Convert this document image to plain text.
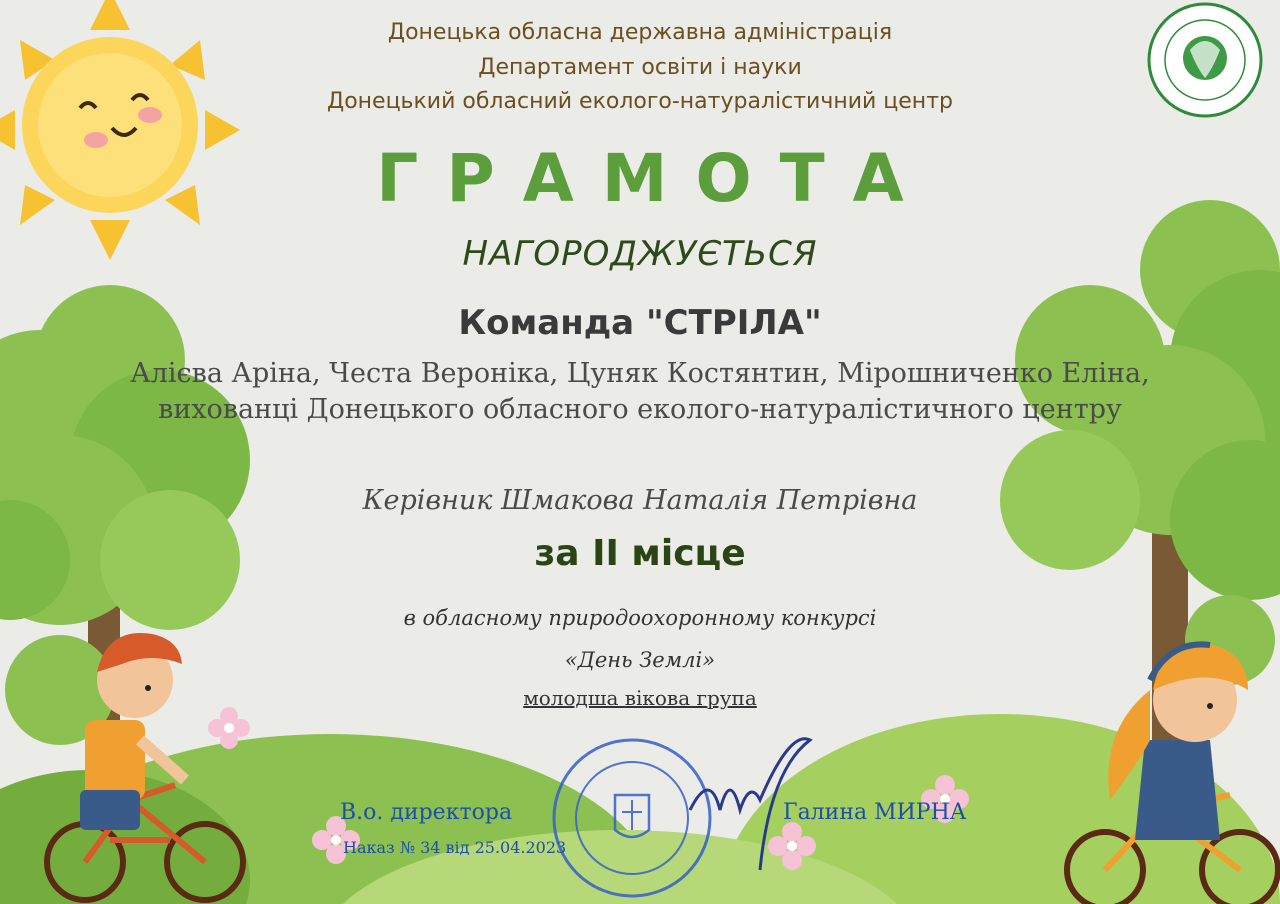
Донецька обласна державна адміністрація
Департамент освіти і науки
Донецький обласний еколого-натуралістичний центр
ГРАМОТА
НАГОРОДЖУЄТЬСЯ
Команда "СТРІЛА"
Алієва Аріна, Честа Вероніка, Цуняк Костянтин, Мірошниченко Еліна,
вихованці Донецького обласного еколого-натуралістичного центру
Керівник Шмакова Наталія Петрівна
за ІІ місце
в обласному природоохоронному конкурсі
«День Землі»
молодша вікова група
В.о. директора
Наказ № 34 від 25.04.2023
Галина МИРНА
